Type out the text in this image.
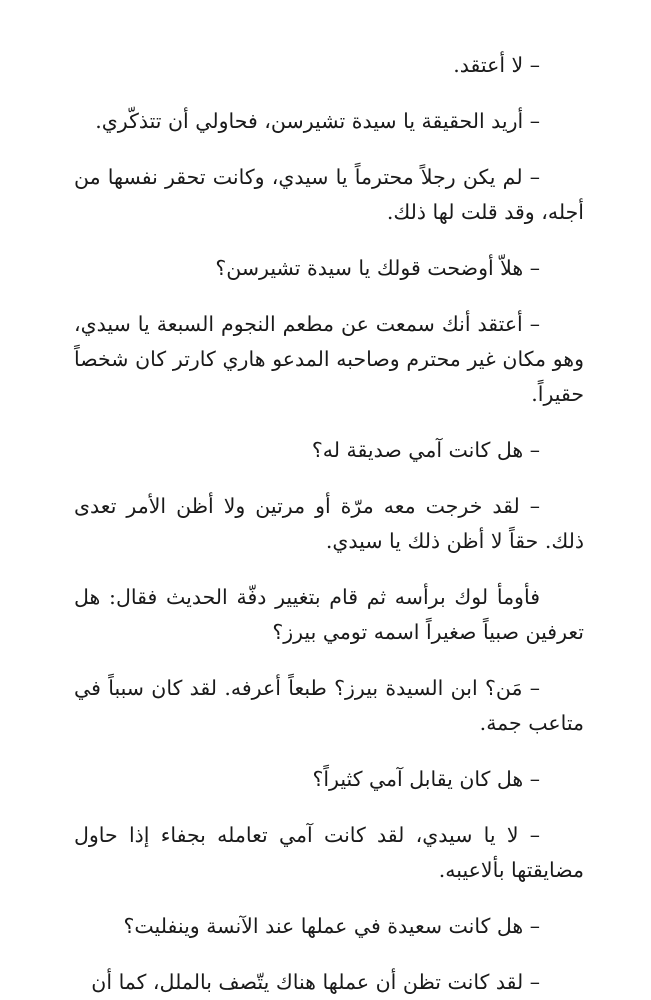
– لا أعتقد.

– أريد الحقيقة يا سيدة تشيرسن، فحاولي أن تتذكّري.

– لم يكن رجلاً محترماً يا سيدي، وكانت تحقر نفسها من أجله، وقد قلت لها ذلك.

– هلاّ أوضحت قولك يا سيدة تشيرسن؟

– أعتقد أنك سمعت عن مطعم النجوم السبعة يا سيدي، وهو مكان غير محترم وصاحبه المدعو هاري كارتر كان شخصاً حقيراً.

– هل كانت آمي صديقة له؟

– لقد خرجت معه مرّة أو مرتين ولا أظن الأمر تعدى ذلك. حقاً لا أظن ذلك يا سيدي.

فأومأ لوك برأسه ثم قام بتغيير دفّة الحديث فقال: هل تعرفين صبياً صغيراً اسمه تومي بيرز؟

– مَن؟ ابن السيدة بيرز؟ طبعاً أعرفه. لقد كان سبباً في متاعب جمة.

– هل كان يقابل آمي كثيراً؟

– لا يا سيدي، لقد كانت آمي تعامله بجفاء إذا حاول مضايقتها بألاعيبه.

– هل كانت سعيدة في عملها عند الآنسة وينفليت؟

– لقد كانت تظن أن عملها هناك يتّصف بالملل، كما أن
